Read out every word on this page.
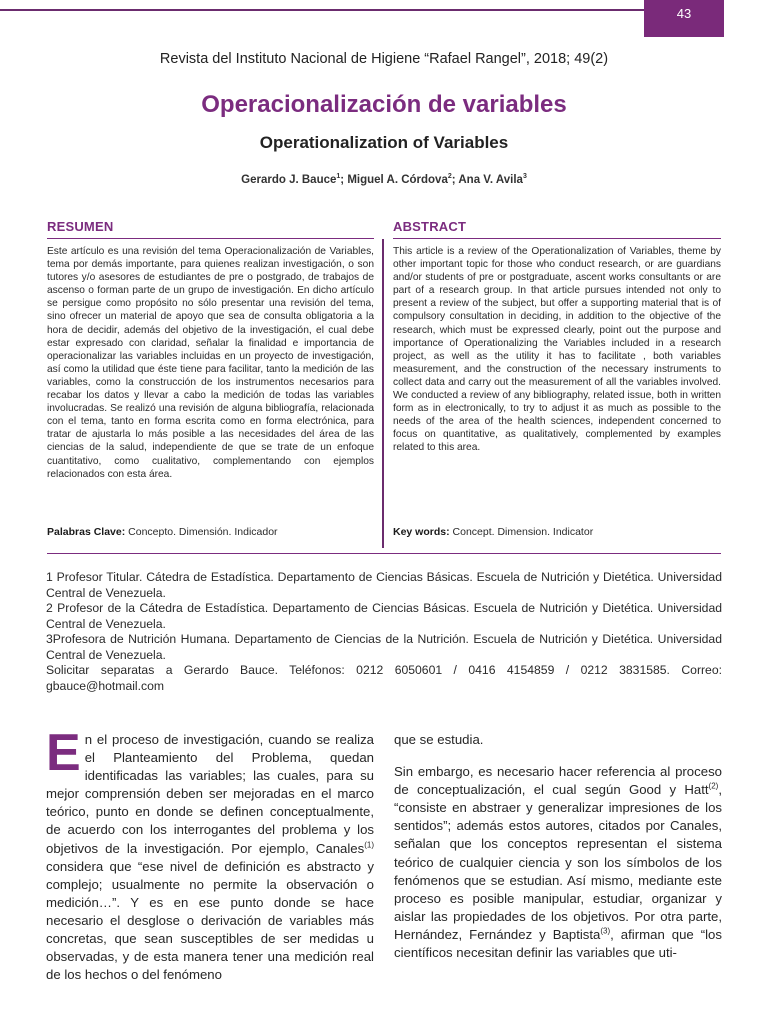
43
Revista del Instituto Nacional de Higiene “Rafael Rangel”, 2018; 49(2)
Operacionalización de variables
Operationalization of Variables
Gerardo J. Bauce$^1$; Miguel A. Córdova$^2$; Ana V. Avila$^3$
RESUMEN	ABSTRACT

Este artículo es una revisión del tema Operacionalización de Variables, tema por demás importante, para quienes realizan investigación, o son tutores y/o asesores de estudiantes de pre o postgrado, de trabajos de ascenso o forman parte de un grupo de investigación. En dicho artículo se persigue como propósito no sólo presentar una revisión del tema, sino ofrecer un material de apoyo que sea de consulta obligatoria a la hora de decidir, además del objetivo de la investigación, el cual debe estar expresado con claridad, señalar la finalidad e importancia de operacionalizar las variables incluidas en un proyecto de investigación, así como la utilidad que éste tiene para facilitar, tanto la medición de las variables, como la construcción de los instrumentos necesarios para recabar los datos y llevar a cabo la medición de todas las variables involucradas. Se realizó una revisión de alguna bibliografía, relacionada con el tema, tanto en forma escrita como en forma electrónica, para tratar de ajustarla lo más posible a las necesidades del área de las ciencias de la salud, independiente de que se trate de un enfoque cuantitativo, como cualitativo, complementando con ejemplos relacionados con esta área.

This article is a review of the Operationalization of Variables, theme by other important topic for those who conduct research, or are guardians and/or students of pre or postgraduate, ascent works consultants or are part of a research group. In that article pursues intended not only to present a review of the subject, but offer a supporting material that is of compulsory consultation in deciding, in addition to the objective of the research, which must be expressed clearly, point out the purpose and importance of Operationalizing the Variables included in a research project, as well as the utility it has to facilitate , both variables measurement, and the construction of the necessary instruments to collect data and carry out the measurement of all the variables involved. We conducted a review of any bibliography, related issue, both in written form as in electronically, to try to adjust it as much as possible to the needs of the area of the health sciences, independent concerned to focus on quantitative, as qualitatively, complemented by examples related to this area.

Palabras Clave: Concepto. Dimensión. Indicador	Key words: Concept. Dimension. Indicator

1 Profesor Titular. Cátedra de Estadística. Departamento de Ciencias Básicas. Escuela de Nutrición y Dietética. Universidad Central de Venezuela.

2 Profesor de la Cátedra de Estadística. Departamento de Ciencias Básicas. Escuela de Nutrición y Dietética. Universidad Central de Venezuela.

3Profesora de Nutrición Humana. Departamento de Ciencias de la Nutrición. Escuela de Nutrición y Dietética. Universidad Central de Venezuela.

Solicitar separatas a Gerardo Bauce. Teléfonos: 0212 6050601 / 0416 4154859 / 0212 3831585. Correo: gbauce@hotmail.com

En el proceso de investigación, cuando se realiza el Planteamiento del Problema, quedan identificadas las variables; las cuales, para su mejor comprensión deben ser mejoradas en el marco teórico, punto en donde se definen conceptualmente, de acuerdo con los interrogantes del problema y los objetivos de la investigación. Por ejemplo, Canales$^{(1)}$ considera que “ese nivel de definición es abstracto y complejo; usualmente no permite la observación o medición…”. Y es en ese punto donde se hace necesario el desglose o derivación de variables más concretas, que sean susceptibles de ser medidas u observadas, y de esta manera tener una medición real de los hechos o del fenómeno

que se estudia.

Sin embargo, es necesario hacer referencia al proceso de conceptualización, el cual según Good y Hatt$^{(2)}$, “consiste en abstraer y generalizar impresiones de los sentidos”; además estos autores, citados por Canales, señalan que los conceptos representan el sistema teórico de cualquier ciencia y son los símbolos de los fenómenos que se estudian. Así mismo, mediante este proceso es posible manipular, estudiar, organizar y aislar las propiedades de los objetivos. Por otra parte, Hernández, Fernández y Baptista$^{(3)}$, afirman que “los científicos necesitan definir las variables que uti-
